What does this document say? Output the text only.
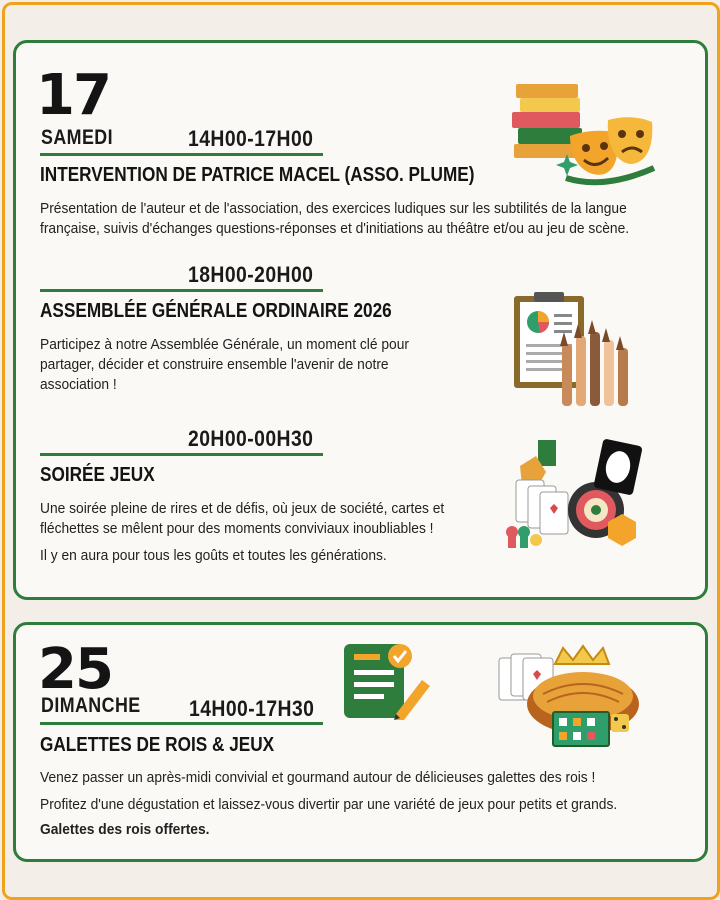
17
SAMEDI	14H00-17H00
INTERVENTION DE PATRICE MACEL (ASSO. PLUME)
Présentation de l'auteur et de l'association, des exercices ludiques sur les subtilités de la langue française, suivis d'échanges questions-réponses et d'initiations au théâtre et/ou au jeu de scène.
18H00-20H00
ASSEMBLÉE GÉNÉRALE ORDINAIRE 2026
Participez à notre Assemblée Générale, un moment clé pour partager, décider et construire ensemble l'avenir de notre association !
20H00-00H30
SOIRÉE JEUX
Une soirée pleine de rires et de défis, où jeux de société, cartes et fléchettes se mêlent pour des moments conviviaux inoubliables !
Il y en aura pour tous les goûts et toutes les générations.
25
DIMANCHE 14H00-17H30
GALETTES DE ROIS & JEUX
Venez passer un après-midi convivial et gourmand autour de délicieuses galettes des rois !
Profitez d'une dégustation et laissez-vous divertir par une variété de jeux pour petits et grands.
Galettes des rois offertes.
